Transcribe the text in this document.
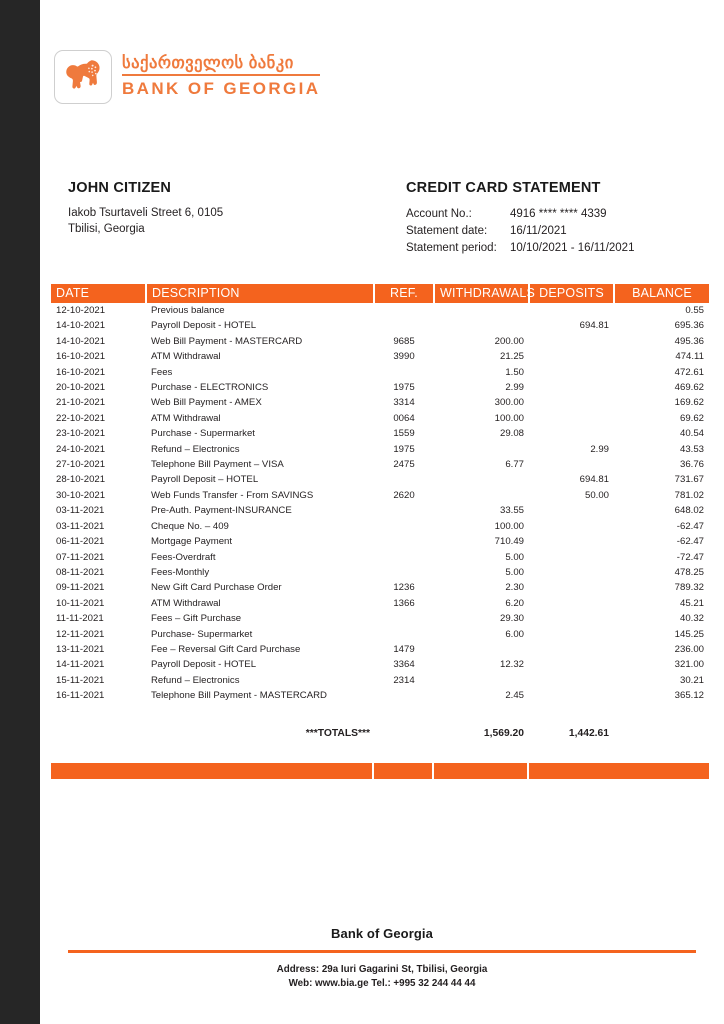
საქართველოს ბანკი
BANK OF GEORGIA
JOHN CITIZEN
Iakob Tsurtaveli Street 6, 0105
Tbilisi, Georgia
CREDIT CARD STATEMENT
Account No.:	4916 **** **** 4339
Statement date:	16/11/2021
Statement period:	10/10/2021 - 16/11/2021
DATE	DESCRIPTION	REF.	WITHDRAWALS	DEPOSITS	BALANCE
12-10-2021	Previous balance				0.55
14-10-2021	Payroll Deposit - HOTEL			694.81	695.36
14-10-2021	Web Bill Payment - MASTERCARD	9685	200.00		495.36
16-10-2021	ATM Withdrawal	3990	21.25		474.11
16-10-2021	Fees		1.50		472.61
20-10-2021	Purchase - ELECTRONICS	1975	2.99		469.62
21-10-2021	Web Bill Payment - AMEX	3314	300.00		169.62
22-10-2021	ATM Withdrawal	0064	100.00		69.62
23-10-2021	Purchase - Supermarket	1559	29.08		40.54
24-10-2021	Refund – Electronics	1975		2.99	43.53
27-10-2021	Telephone Bill Payment – VISA	2475	6.77		36.76
28-10-2021	Payroll Deposit – HOTEL			694.81	731.67
30-10-2021	Web Funds Transfer - From SAVINGS	2620		50.00	781.02
03-11-2021	Pre-Auth. Payment-INSURANCE		33.55		648.02
03-11-2021	Cheque No. – 409		100.00		-62.47
06-11-2021	Mortgage Payment		710.49		-62.47
07-11-2021	Fees-Overdraft		5.00		-72.47
08-11-2021	Fees-Monthly		5.00		478.25
09-11-2021	New Gift Card Purchase Order	1236	2.30		789.32
10-11-2021	ATM Withdrawal	1366	6.20		45.21
11-11-2021	Fees – Gift Purchase		29.30		40.32
12-11-2021	Purchase- Supermarket		6.00		145.25
13-11-2021	Fee – Reversal Gift Card Purchase	1479			236.00
14-11-2021	Payroll Deposit - HOTEL	3364	12.32		321.00
15-11-2021	Refund – Electronics	2314			30.21
16-11-2021	Telephone Bill Payment - MASTERCARD		2.45		365.12
	***TOTALS***		1,569.20	1,442.61	
Bank of Georgia
Address: 29a Iuri Gagarini St, Tbilisi, Georgia
Web: www.bia.ge Tel.: +995 32 244 44 44
